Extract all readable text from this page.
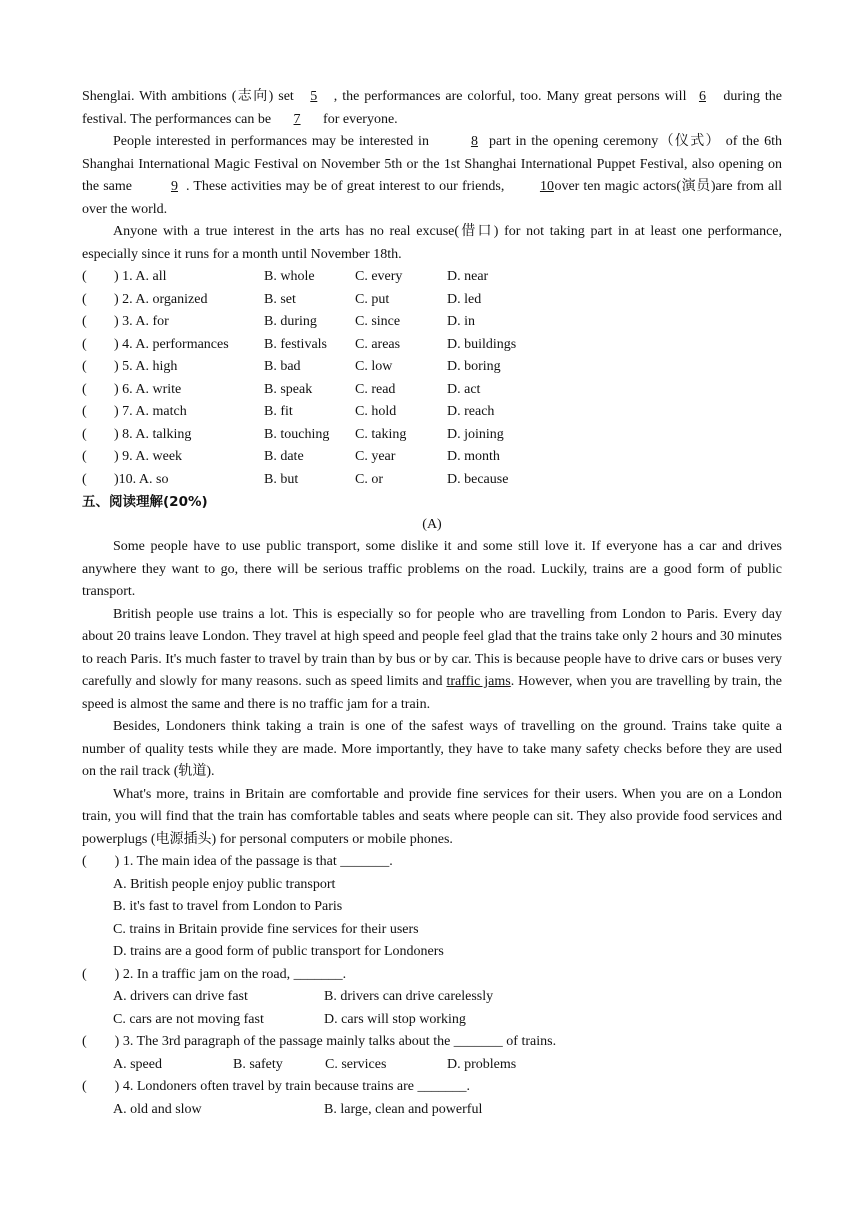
Shenglai. With ambitions (志向) set 5 , the performances are colorful, too. Many great persons will 6 during the festival. The performances can be 7 for everyone.

People interested in performances may be interested in	8 part in the opening ceremony（仪式） of the 6th Shanghai International Magic Festival on November 5th or the 1st Shanghai International Puppet Festival, also opening on the same	9 . These activities may be of great interest to our friends,	10over ten magic actors(演员)are from all over the world.

Anyone with a true interest in the arts has no real excuse(借口) for not taking part in at least one performance, especially since it runs for a month until November 18th.

(	) 1. A. all	B. whole	C. every	D. near
(	) 2. A. organized	B. set	C. put	D. led
(	) 3. A. for	B. during	C. since	D. in
(	) 4. A. performances	B. festivals	C. areas	D. buildings
(	) 5. A. high	B. bad	C. low	D. boring
(	) 6. A. write	B. speak	C. read	D. act
(	) 7. A. match	B. fit	C. hold	D. reach
(	) 8. A. talking	B. touching	C. taking	D. joining
(	) 9. A. week	B. date	C. year	D. month
(	)10. A. so	B. but	C. or	D. because

五、阅读理解(20%)

(A)

Some people have to use public transport, some dislike it and some still love it. If everyone has a car and drives anywhere they want to go, there will be serious traffic problems on the road. Luckily, trains are a good form of public transport.

British people use trains a lot. This is especially so for people who are travelling from London to Paris. Every day about 20 trains leave London. They travel at high speed and people feel glad that the trains take only 2 hours and 30 minutes to reach Paris. It's much faster to travel by train than by bus or by car. This is because people have to drive cars or buses very carefully and slowly for many reasons. such as speed limits and traffic jams. However, when you are travelling by train, the speed is almost the same and there is no traffic jam for a train.

Besides, Londoners think taking a train is one of the safest ways of travelling on the ground. Trains take quite a number of quality tests while they are made. More importantly, they have to take many safety checks before they are used on the rail track (轨道).

What's more, trains in Britain are comfortable and provide fine services for their users. When you are on a London train, you will find that the train has comfortable tables and seats where people can sit. They also provide food services and powerplugs (电源插头) for personal computers or mobile phones.

(        ) 1. The main idea of the passage is that _______.
A. British people enjoy public transport
B. it's fast to travel from London to Paris
C. trains in Britain provide fine services for their users
D. trains are a good form of public transport for Londoners
(        ) 2. In a traffic jam on the road, _______.
A. drivers can drive fast	B. drivers can drive carelessly
C. cars are not moving fast	D. cars will stop working
(        ) 3. The 3rd paragraph of the passage mainly talks about the _______ of trains.
A. speed	B. safety	C. services	D. problems
(        ) 4. Londoners often travel by train because trains are _______.
A. old and slow	B. large, clean and powerful
